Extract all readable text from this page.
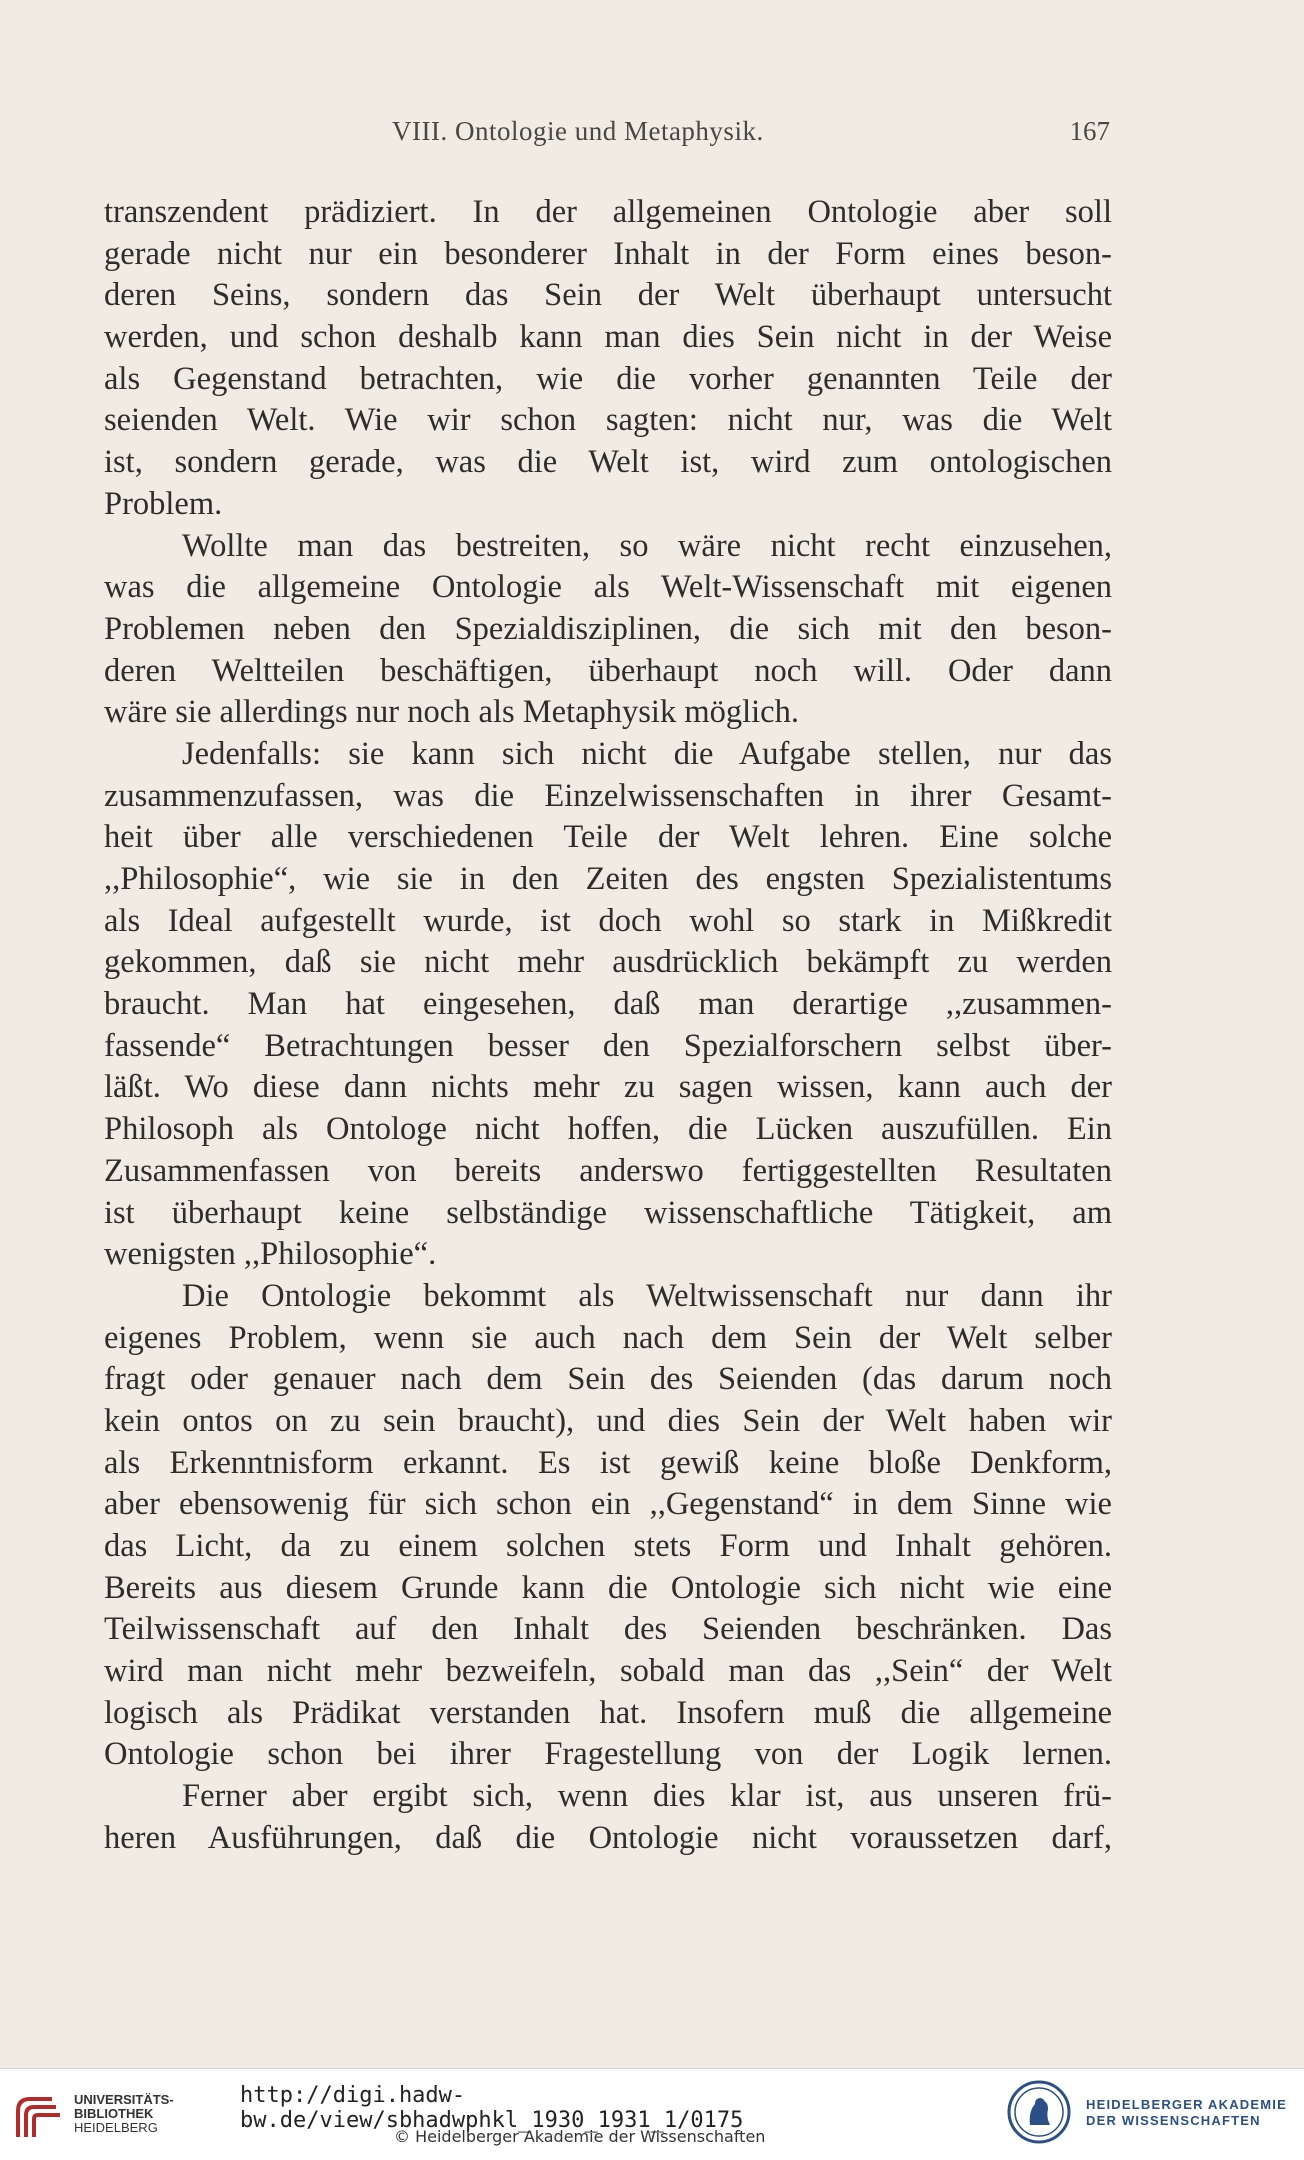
VIII. Ontologie und Metaphysik.	167
transzendent prädiziert. In der allgemeinen Ontologie aber soll
gerade nicht nur ein besonderer Inhalt in der Form eines beson-
deren Seins, sondern das Sein der Welt überhaupt untersucht
werden, und schon deshalb kann man dies Sein nicht in der Weise
als Gegenstand betrachten, wie die vorher genannten Teile der
seienden Welt. Wie wir schon sagten: nicht nur, was die Welt
ist, sondern gerade, was die Welt ist, wird zum ontologischen
Problem.
Wollte man das bestreiten, so wäre nicht recht einzusehen,
was die allgemeine Ontologie als Welt-Wissenschaft mit eigenen
Problemen neben den Spezialdisziplinen, die sich mit den beson-
deren Weltteilen beschäftigen, überhaupt noch will. Oder dann
wäre sie allerdings nur noch als Metaphysik möglich.
Jedenfalls: sie kann sich nicht die Aufgabe stellen, nur das
zusammenzufassen, was die Einzelwissenschaften in ihrer Gesamt-
heit über alle verschiedenen Teile der Welt lehren. Eine solche
,,Philosophie“, wie sie in den Zeiten des engsten Spezialistentums
als Ideal aufgestellt wurde, ist doch wohl so stark in Mißkredit
gekommen, daß sie nicht mehr ausdrücklich bekämpft zu werden
braucht. Man hat eingesehen, daß man derartige ,,zusammen-
fassende“ Betrachtungen besser den Spezialforschern selbst über-
läßt. Wo diese dann nichts mehr zu sagen wissen, kann auch der
Philosoph als Ontologe nicht hoffen, die Lücken auszufüllen. Ein
Zusammenfassen von bereits anderswo fertiggestellten Resultaten
ist überhaupt keine selbständige wissenschaftliche Tätigkeit, am
wenigsten ,,Philosophie“.
Die Ontologie bekommt als Weltwissenschaft nur dann ihr
eigenes Problem, wenn sie auch nach dem Sein der Welt selber
fragt oder genauer nach dem Sein des Seienden (das darum noch
kein ontos on zu sein braucht), und dies Sein der Welt haben wir
als Erkenntnisform erkannt. Es ist gewiß keine bloße Denkform,
aber ebensowenig für sich schon ein ,,Gegenstand“ in dem Sinne wie
das Licht, da zu einem solchen stets Form und Inhalt gehören.
Bereits aus diesem Grunde kann die Ontologie sich nicht wie eine
Teilwissenschaft auf den Inhalt des Seienden beschränken. Das
wird man nicht mehr bezweifeln, sobald man das ,,Sein“ der Welt
logisch als Prädikat verstanden hat. Insofern muß die allgemeine
Ontologie schon bei ihrer Fragestellung von der Logik lernen.
Ferner aber ergibt sich, wenn dies klar ist, aus unseren frü-
heren Ausführungen, daß die Ontologie nicht voraussetzen darf,
UNIVERSITÄTS-
BIBLIOTHEK
HEIDELBERG
http://digi.hadw-bw.de/view/sbhadwphkl_1930_1931_1/0175
© Heidelberger Akademie der Wissenschaften
HEIDELBERGER AKADEMIE
DER WISSENSCHAFTEN
